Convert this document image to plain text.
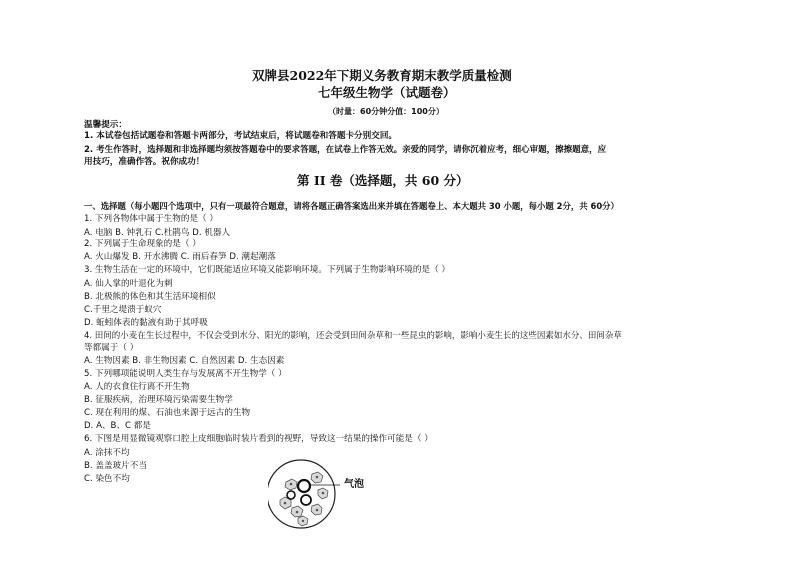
双牌县2022年下期义务教育期末教学质量检测
七年级生物学（试题卷）
（时量：60分钟分值：100分）
温馨提示：
1. 本试卷包括试题卷和答题卡两部分，考试结束后，将试题卷和答题卡分别交回。
2. 考生作答时，选择题和非选择题均须按答题卷中的要求答题，在试卷上作答无效。亲爱的同学，请你沉着应考，细心审题，擦擦题意，应
用技巧，准确作答。祝你成功！
第 II 卷（选择题，共 60 分）
一、选择题（每小题四个选项中，只有一项最符合题意，请将各题正确答案选出来并填在答题卷上、本大题共 30 小题，每小题 2分，共 60分）
1. 下列各物体中属于生物的是（ ）
A. 电脑 B. 钟乳石 C.杜鹃鸟 D. 机器人
2. 下列属于生命现象的是（ ）
A. 火山爆发 B. 开水沸腾 C. 雨后春笋 D. 潮起潮落
3. 生物生活在一定的环境中，它们既能适应环境又能影响环境。下列属于生物影响环境的是（ ）
A. 仙人掌的叶退化为刺
B. 北极熊的体色和其生活环境相似
C.千里之堤溃于蚁穴
D. 蚯蚓体表的黏液有助于其呼吸
4. 田间的小麦在生长过程中，不仅会受到水分、阳光的影响，还会受到田间杂草和一些昆虫的影响，影响小麦生长的这些因素如水分、田间杂草
等都属于（ ）
A. 生物因素 B. 非生物因素 C. 自然因素 D. 生态因素
5. 下列哪项能说明人类生存与发展离不开生物学（ ）
A. 人的衣食住行离不开生物
B. 征服疾病，治理环境污染需要生物学
C. 现在利用的煤、石油也来源于远古的生物
D. A、B、C 都是
6. 下图是用显微镜观察口腔上皮细胞临时装片看到的视野，导致这一结果的操作可能是（ ）
A. 涂抹不均
B. 盖盖玻片不当
C. 染色不均	气泡
